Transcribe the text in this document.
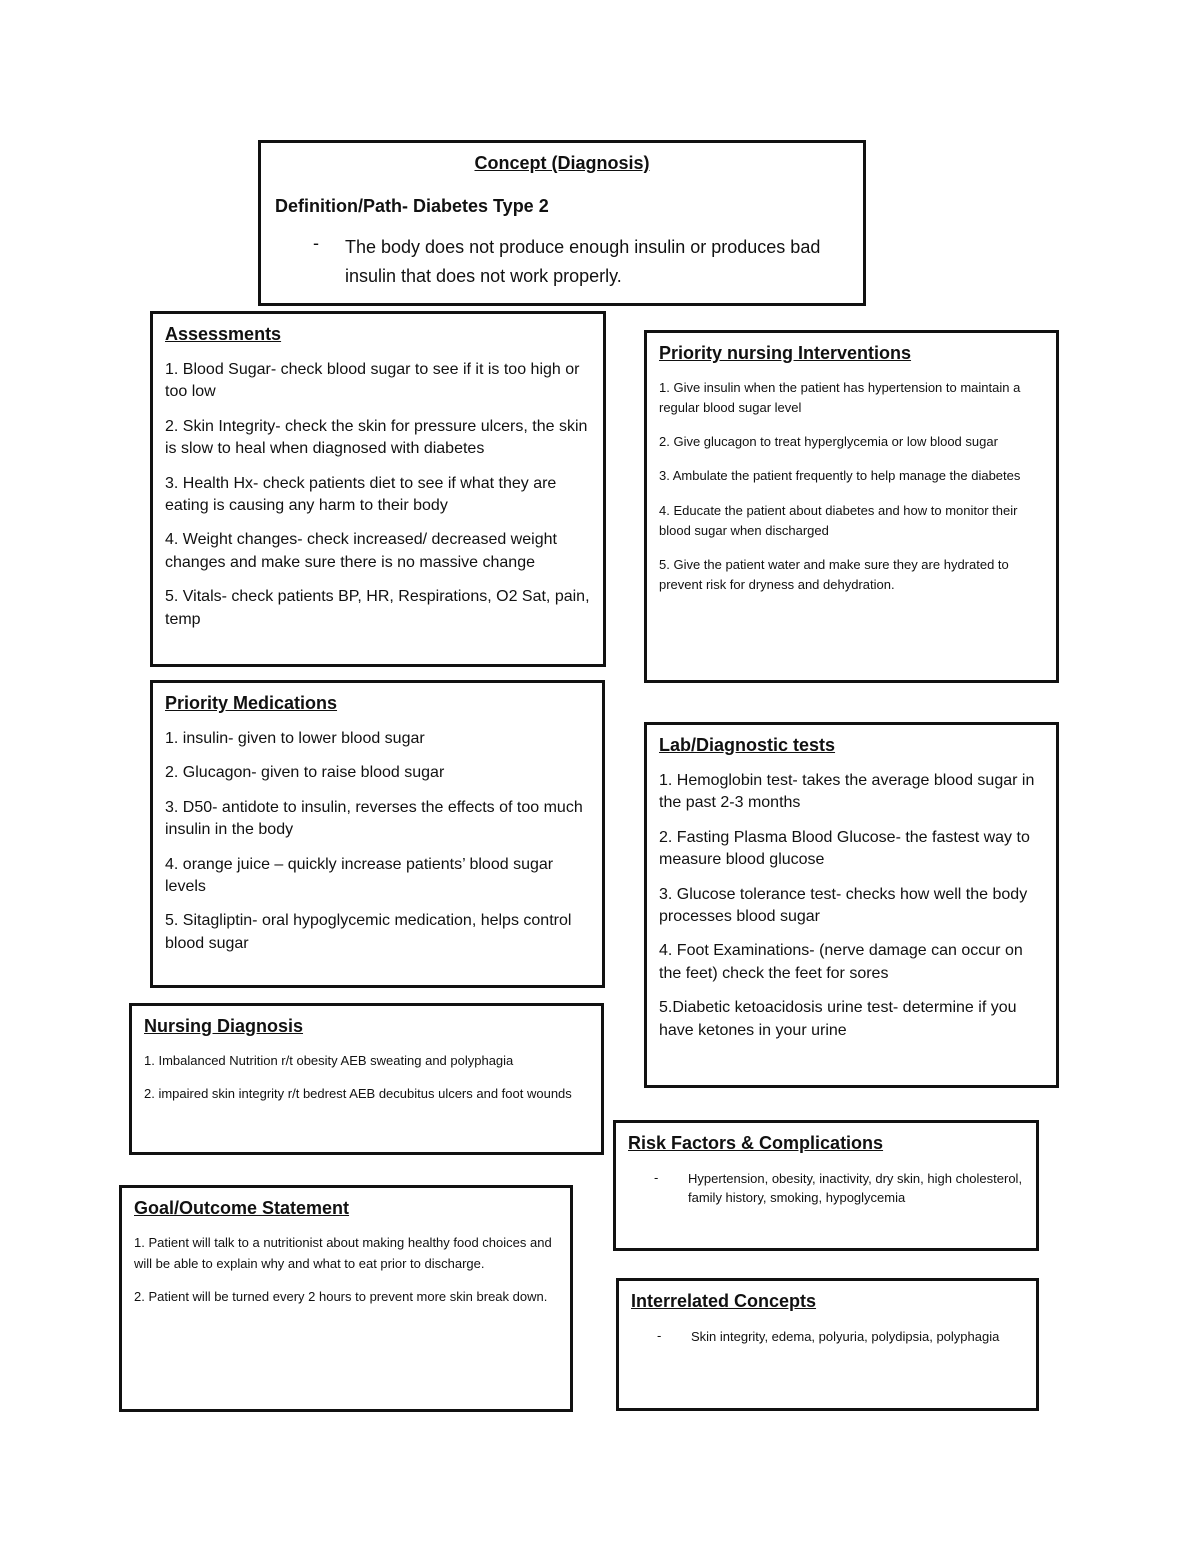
Concept (Diagnosis)
Definition/Path- Diabetes Type 2
-	The body does not produce enough insulin or produces bad insulin that does not work properly.
Assessments
1. Blood Sugar- check blood sugar to see if it is too high or too low
2. Skin Integrity- check the skin for pressure ulcers, the skin is slow to heal when diagnosed with diabetes
3. Health Hx- check patients diet to see if what they are eating is causing any harm to their body
4. Weight changes- check increased/ decreased weight changes and make sure there is no massive change
5. Vitals- check patients BP, HR, Respirations, O2 Sat, pain, temp
Priority nursing Interventions
1. Give insulin when the patient has hypertension to maintain a regular blood sugar level
2. Give glucagon to treat hyperglycemia or low blood sugar
3. Ambulate the patient frequently to help manage the diabetes
4. Educate the patient about diabetes and how to monitor their blood sugar when discharged
5. Give the patient water and make sure they are hydrated to prevent risk for dryness and dehydration.
Priority Medications
1. insulin- given to lower blood sugar
2. Glucagon- given to raise blood sugar
3. D50- antidote to insulin, reverses the effects of too much insulin in the body
4. orange juice – quickly increase patients’ blood sugar levels
5. Sitagliptin- oral hypoglycemic medication, helps control blood sugar
Lab/Diagnostic tests
1. Hemoglobin test- takes the average blood sugar in the past 2-3 months
2. Fasting Plasma Blood Glucose- the fastest way to measure blood glucose
3. Glucose tolerance test- checks how well the body processes blood sugar
4. Foot Examinations- (nerve damage can occur on the feet) check the feet for sores
5.Diabetic ketoacidosis urine test- determine if you have ketones in your urine
Nursing Diagnosis
1. Imbalanced Nutrition r/t obesity AEB sweating and polyphagia
2. impaired skin integrity r/t bedrest AEB decubitus ulcers and foot wounds
Risk Factors & Complications
-	Hypertension, obesity, inactivity, dry skin, high cholesterol, family history, smoking, hypoglycemia
Goal/Outcome Statement
1. Patient will talk to a nutritionist about making healthy food choices and will be able to explain why and what to eat prior to discharge.
2. Patient will be turned every 2 hours to prevent more skin break down.	Interrelated Concepts
-	Skin integrity, edema, polyuria, polydipsia, polyphagia
